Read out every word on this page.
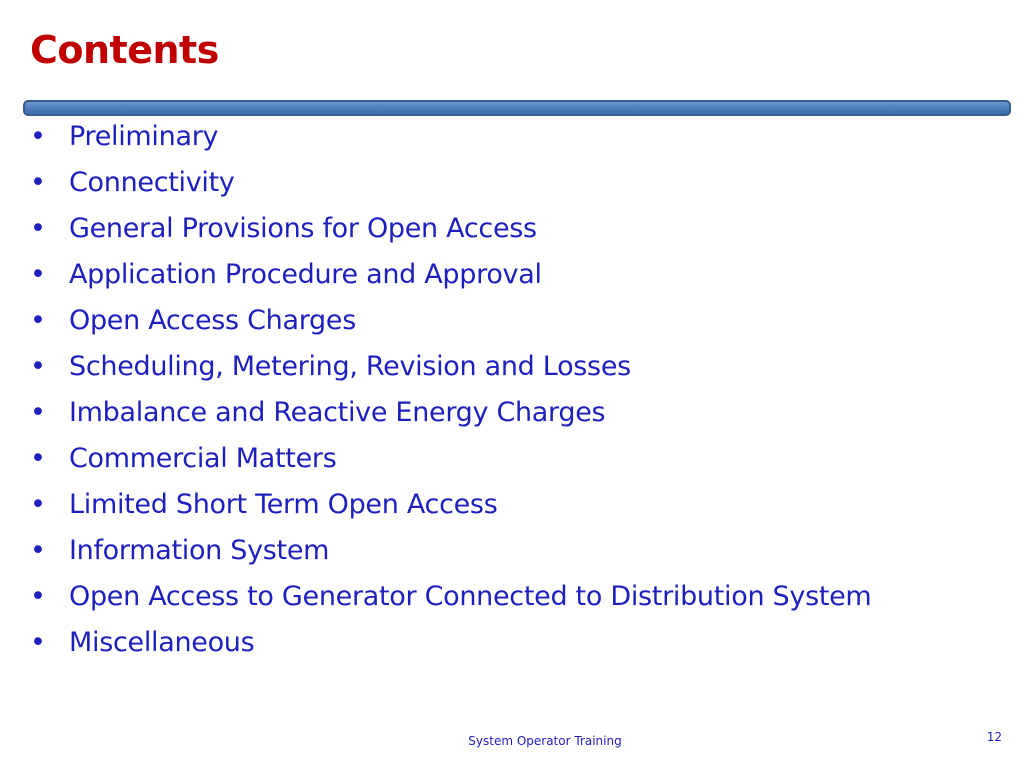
Contents
• Preliminary
• Connectivity
• General Provisions for Open Access
• Application Procedure and Approval
• Open Access Charges
• Scheduling, Metering, Revision and Losses
• Imbalance and Reactive Energy Charges
• Commercial Matters
• Limited Short Term Open Access
• Information System
• Open Access to Generator Connected to Distribution System
• Miscellaneous
System Operator Training	12
